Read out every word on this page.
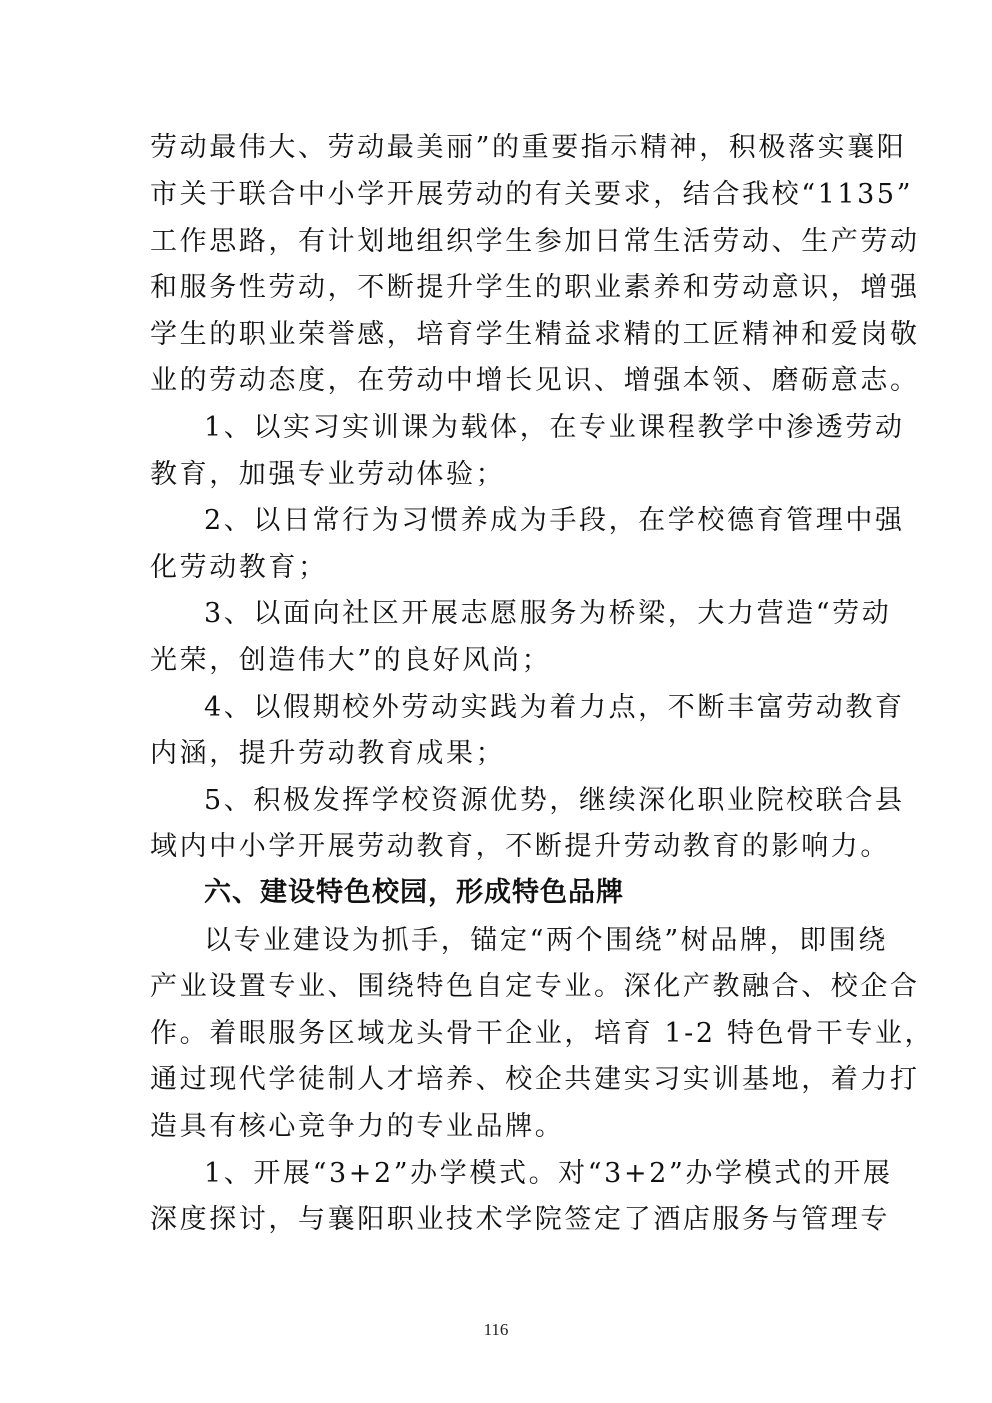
劳动最伟大、劳动最美丽”的重要指示精神，积极落实襄阳
市关于联合中小学开展劳动的有关要求，结合我校“1135”
工作思路，有计划地组织学生参加日常生活劳动、生产劳动
和服务性劳动，不断提升学生的职业素养和劳动意识，增强
学生的职业荣誉感，培育学生精益求精的工匠精神和爱岗敬
业的劳动态度，在劳动中增长见识、增强本领、磨砺意志。
1、以实习实训课为载体，在专业课程教学中渗透劳动
教育，加强专业劳动体验；
2、以日常行为习惯养成为手段，在学校德育管理中强
化劳动教育；
3、以面向社区开展志愿服务为桥梁，大力营造“劳动
光荣，创造伟大”的良好风尚；
4、以假期校外劳动实践为着力点，不断丰富劳动教育
内涵，提升劳动教育成果；
5、积极发挥学校资源优势，继续深化职业院校联合县
域内中小学开展劳动教育，不断提升劳动教育的影响力。
六、建设特色校园，形成特色品牌
以专业建设为抓手，锚定“两个围绕”树品牌，即围绕
产业设置专业、围绕特色自定专业。深化产教融合、校企合
作。着眼服务区域龙头骨干企业，培育 1-2 特色骨干专业，
通过现代学徒制人才培养、校企共建实习实训基地，着力打
造具有核心竞争力的专业品牌。
1、开展“3+2”办学模式。对“3+2”办学模式的开展
深度探讨，与襄阳职业技术学院签定了酒店服务与管理专
116
